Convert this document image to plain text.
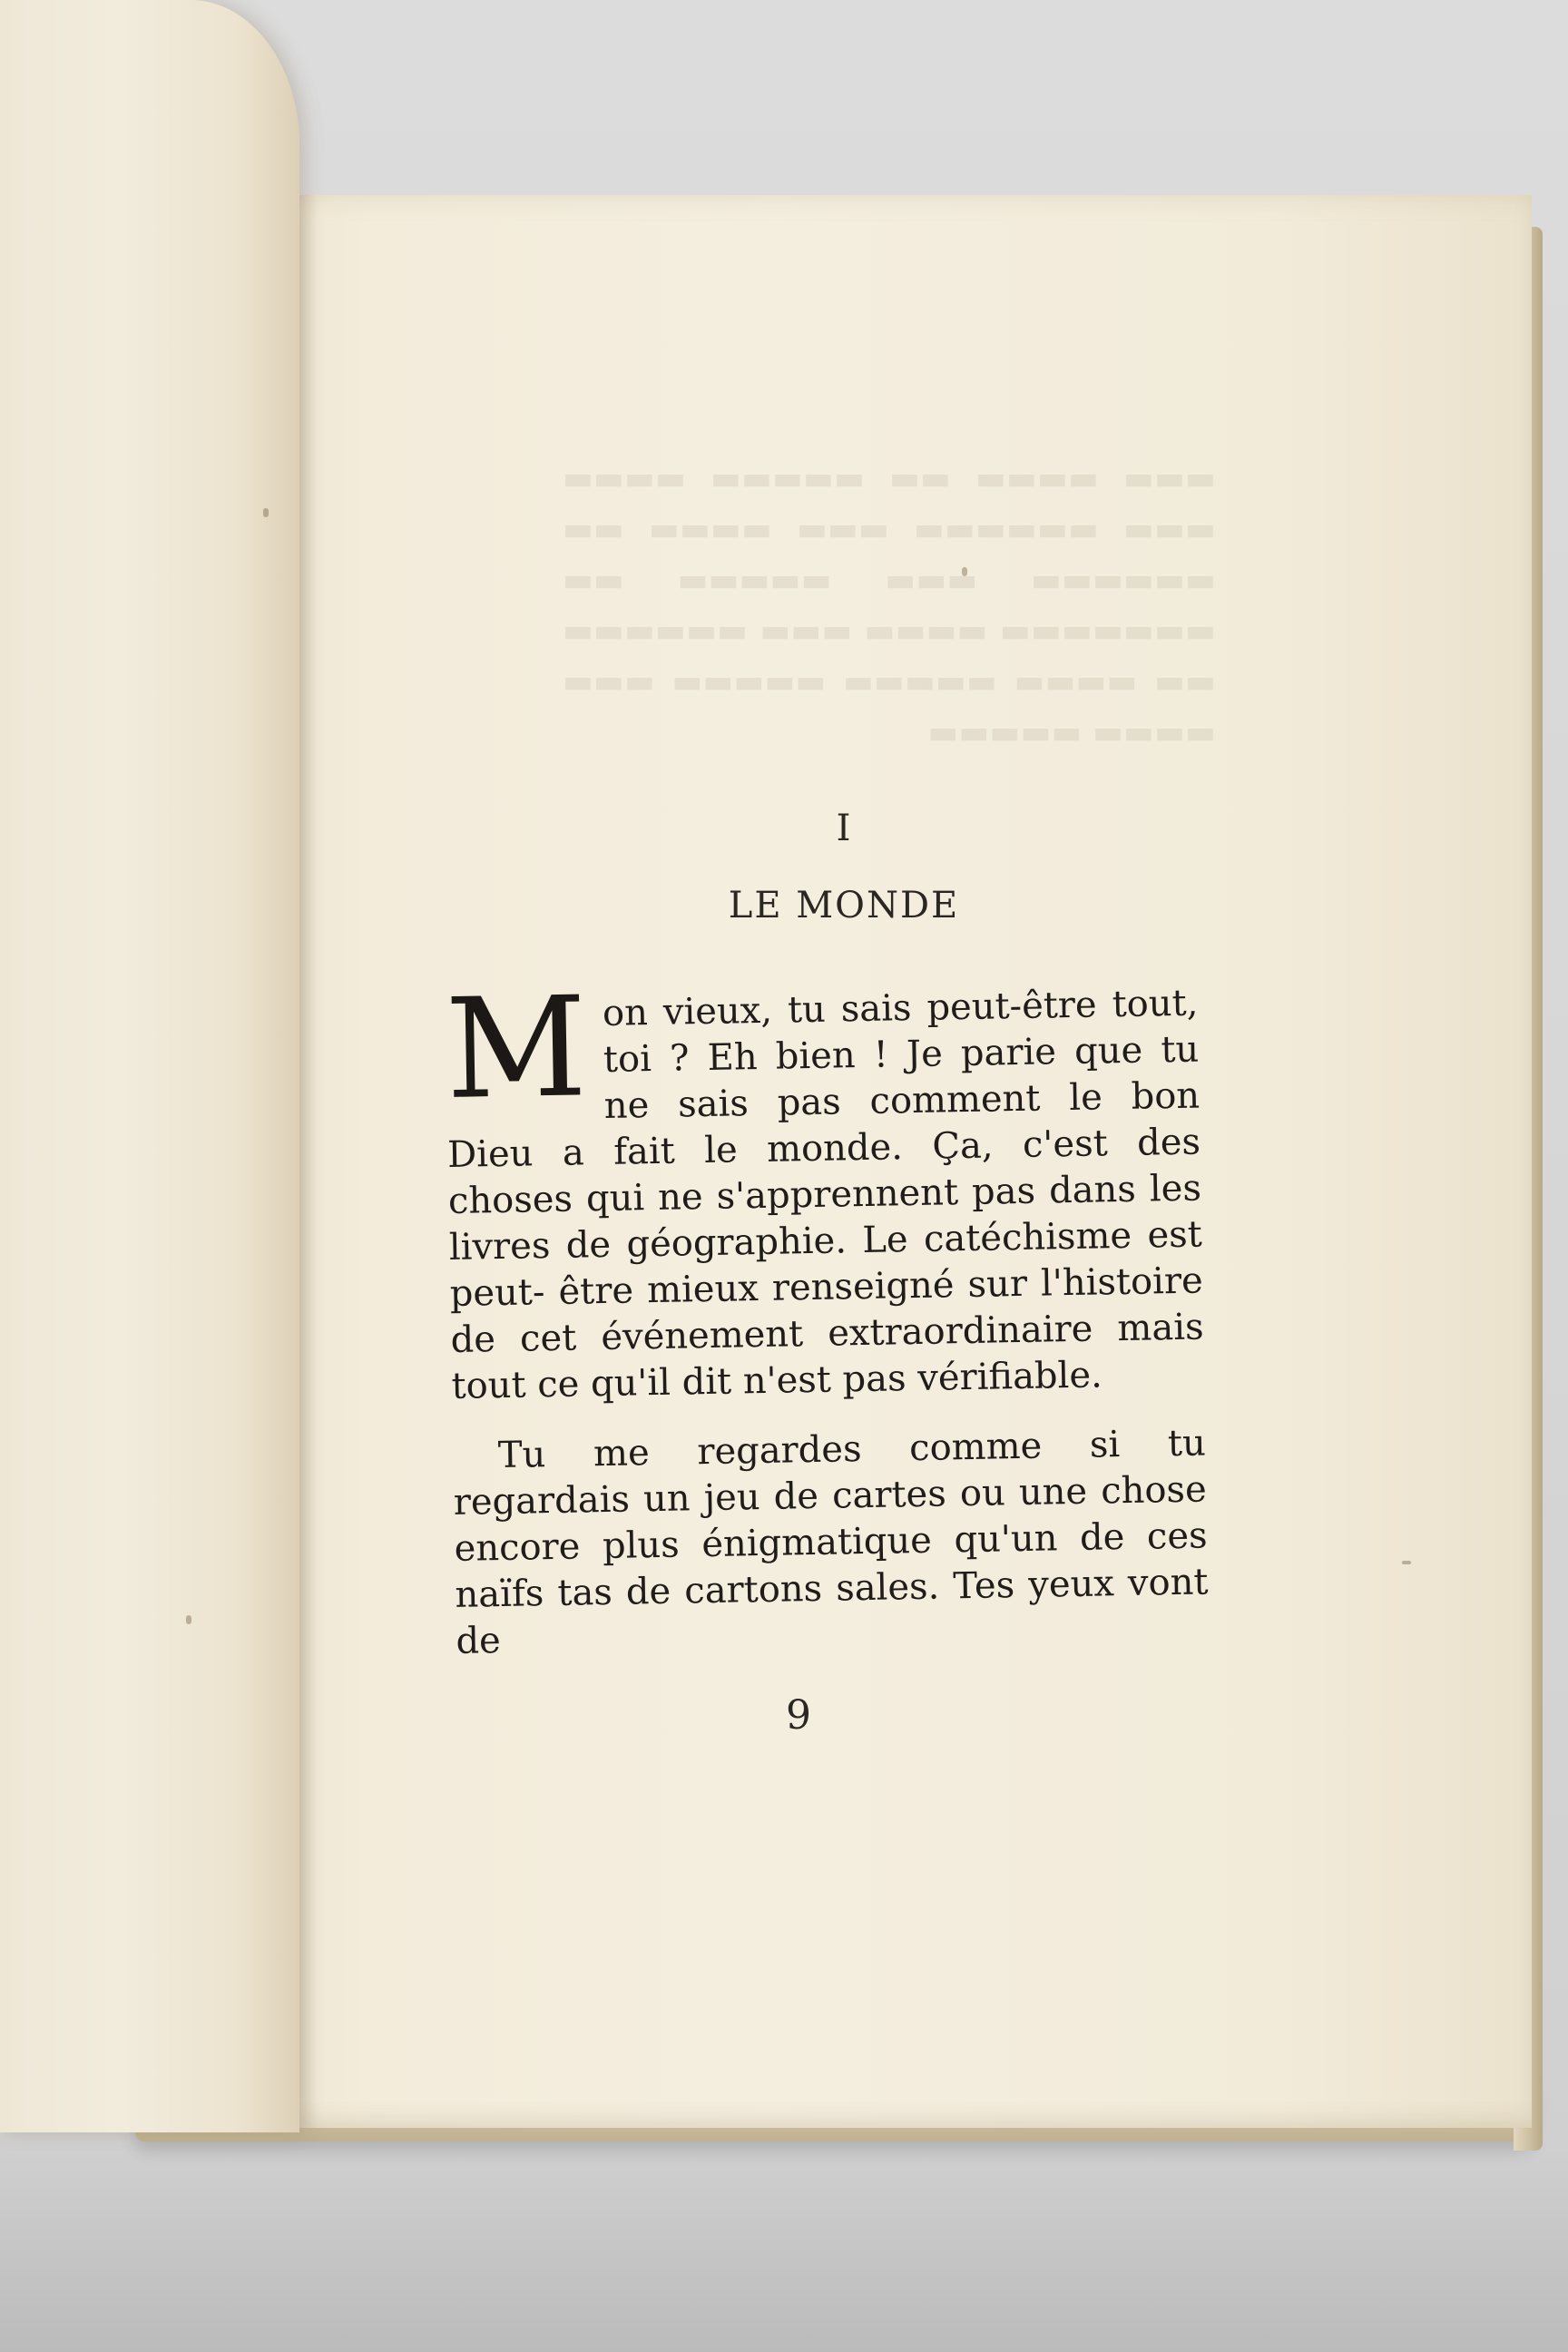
I
LE MONDE

Mon vieux, tu sais peut-être tout, toi ? Eh bien ! Je parie que tu ne sais pas comment le bon Dieu a fait le monde. Ça, c'est des choses qui ne s'apprennent pas dans les livres de géographie. Le catéchisme est peut- être mieux renseigné sur l'histoire de cet événement extraordinaire mais tout ce qu'il dit n'est pas vérifiable.

Tu me regardes comme si tu regardais un jeu de cartes ou une chose encore plus énigmatique qu'un de ces naïfs tas de cartons sales. Tes yeux vont de

9
